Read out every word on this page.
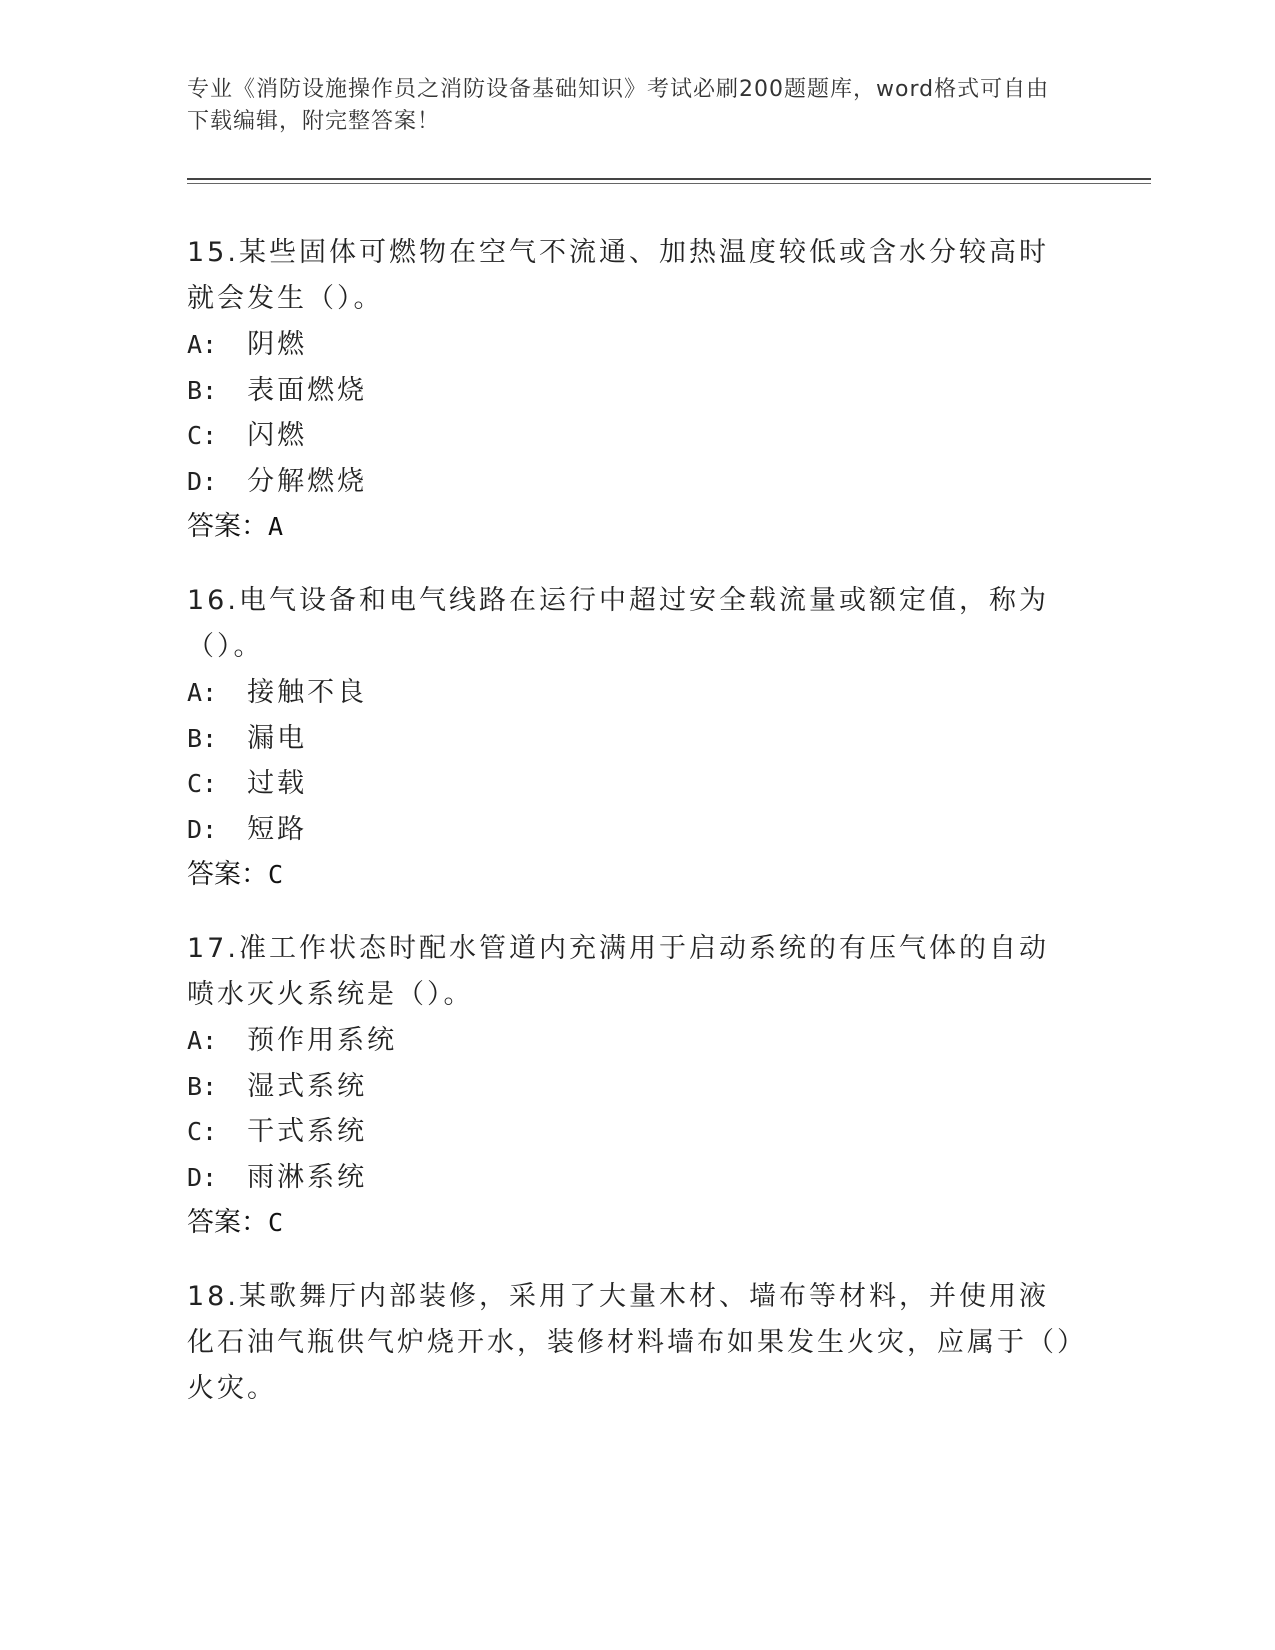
专业《消防设施操作员之消防设备基础知识》考试必刷200题题库，word格式可自由下载编辑，附完整答案！

15.某些固体可燃物在空气不流通、加热温度较低或含水分较高时就会发生（）。

A: 阴燃
B: 表面燃烧
C: 闪燃
D: 分解燃烧

答案：A

16.电气设备和电气线路在运行中超过安全载流量或额定值，称为（）。

A: 接触不良
B: 漏电
C: 过载
D: 短路

答案：C

17.准工作状态时配水管道内充满用于启动系统的有压气体的自动喷水灭火系统是（）。

A: 预作用系统
B: 湿式系统
C: 干式系统
D: 雨淋系统

答案：C

18.某歌舞厅内部装修，采用了大量木材、墙布等材料，并使用液化石油气瓶供气炉烧开水，装修材料墙布如果发生火灾，应属于（）火灾。
